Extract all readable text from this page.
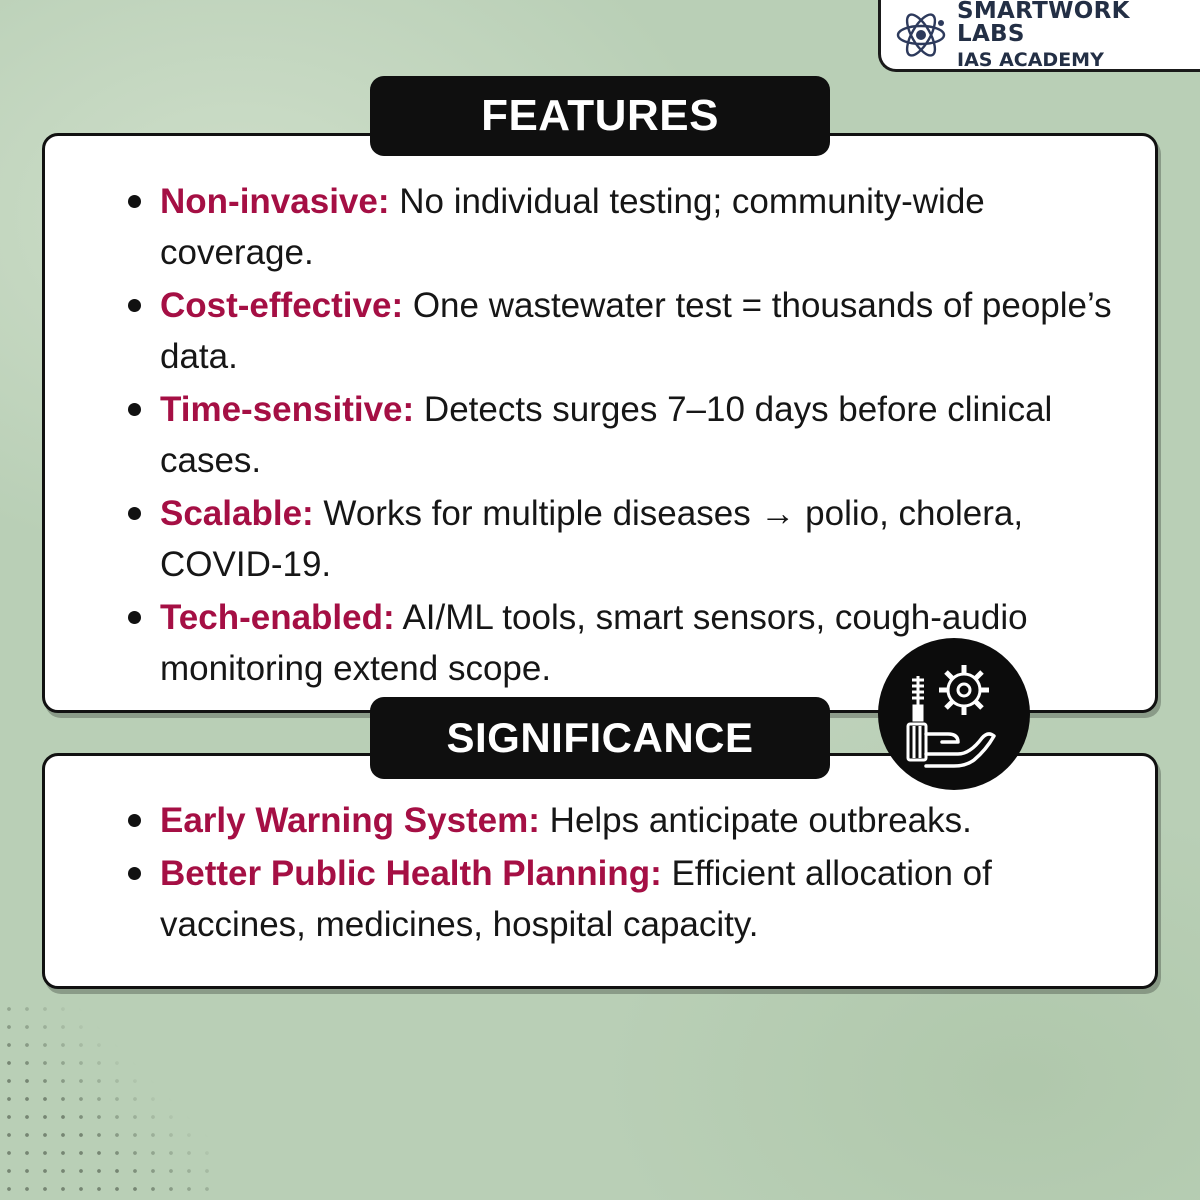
SMARTWORK LABS
IAS ACADEMY
FEATURES
Non-invasive: No individual testing; community-wide coverage.
Cost-effective: One wastewater test = thousands of people’s data.
Time-sensitive: Detects surges 7–10 days before clinical cases.
Scalable: Works for multiple diseases → polio, cholera, COVID-19.
Tech-enabled: AI/ML tools, smart sensors, cough-audio monitoring extend scope.
SIGNIFICANCE
Early Warning System: Helps anticipate outbreaks.
Better Public Health Planning: Efficient allocation of vaccines, medicines, hospital capacity.
